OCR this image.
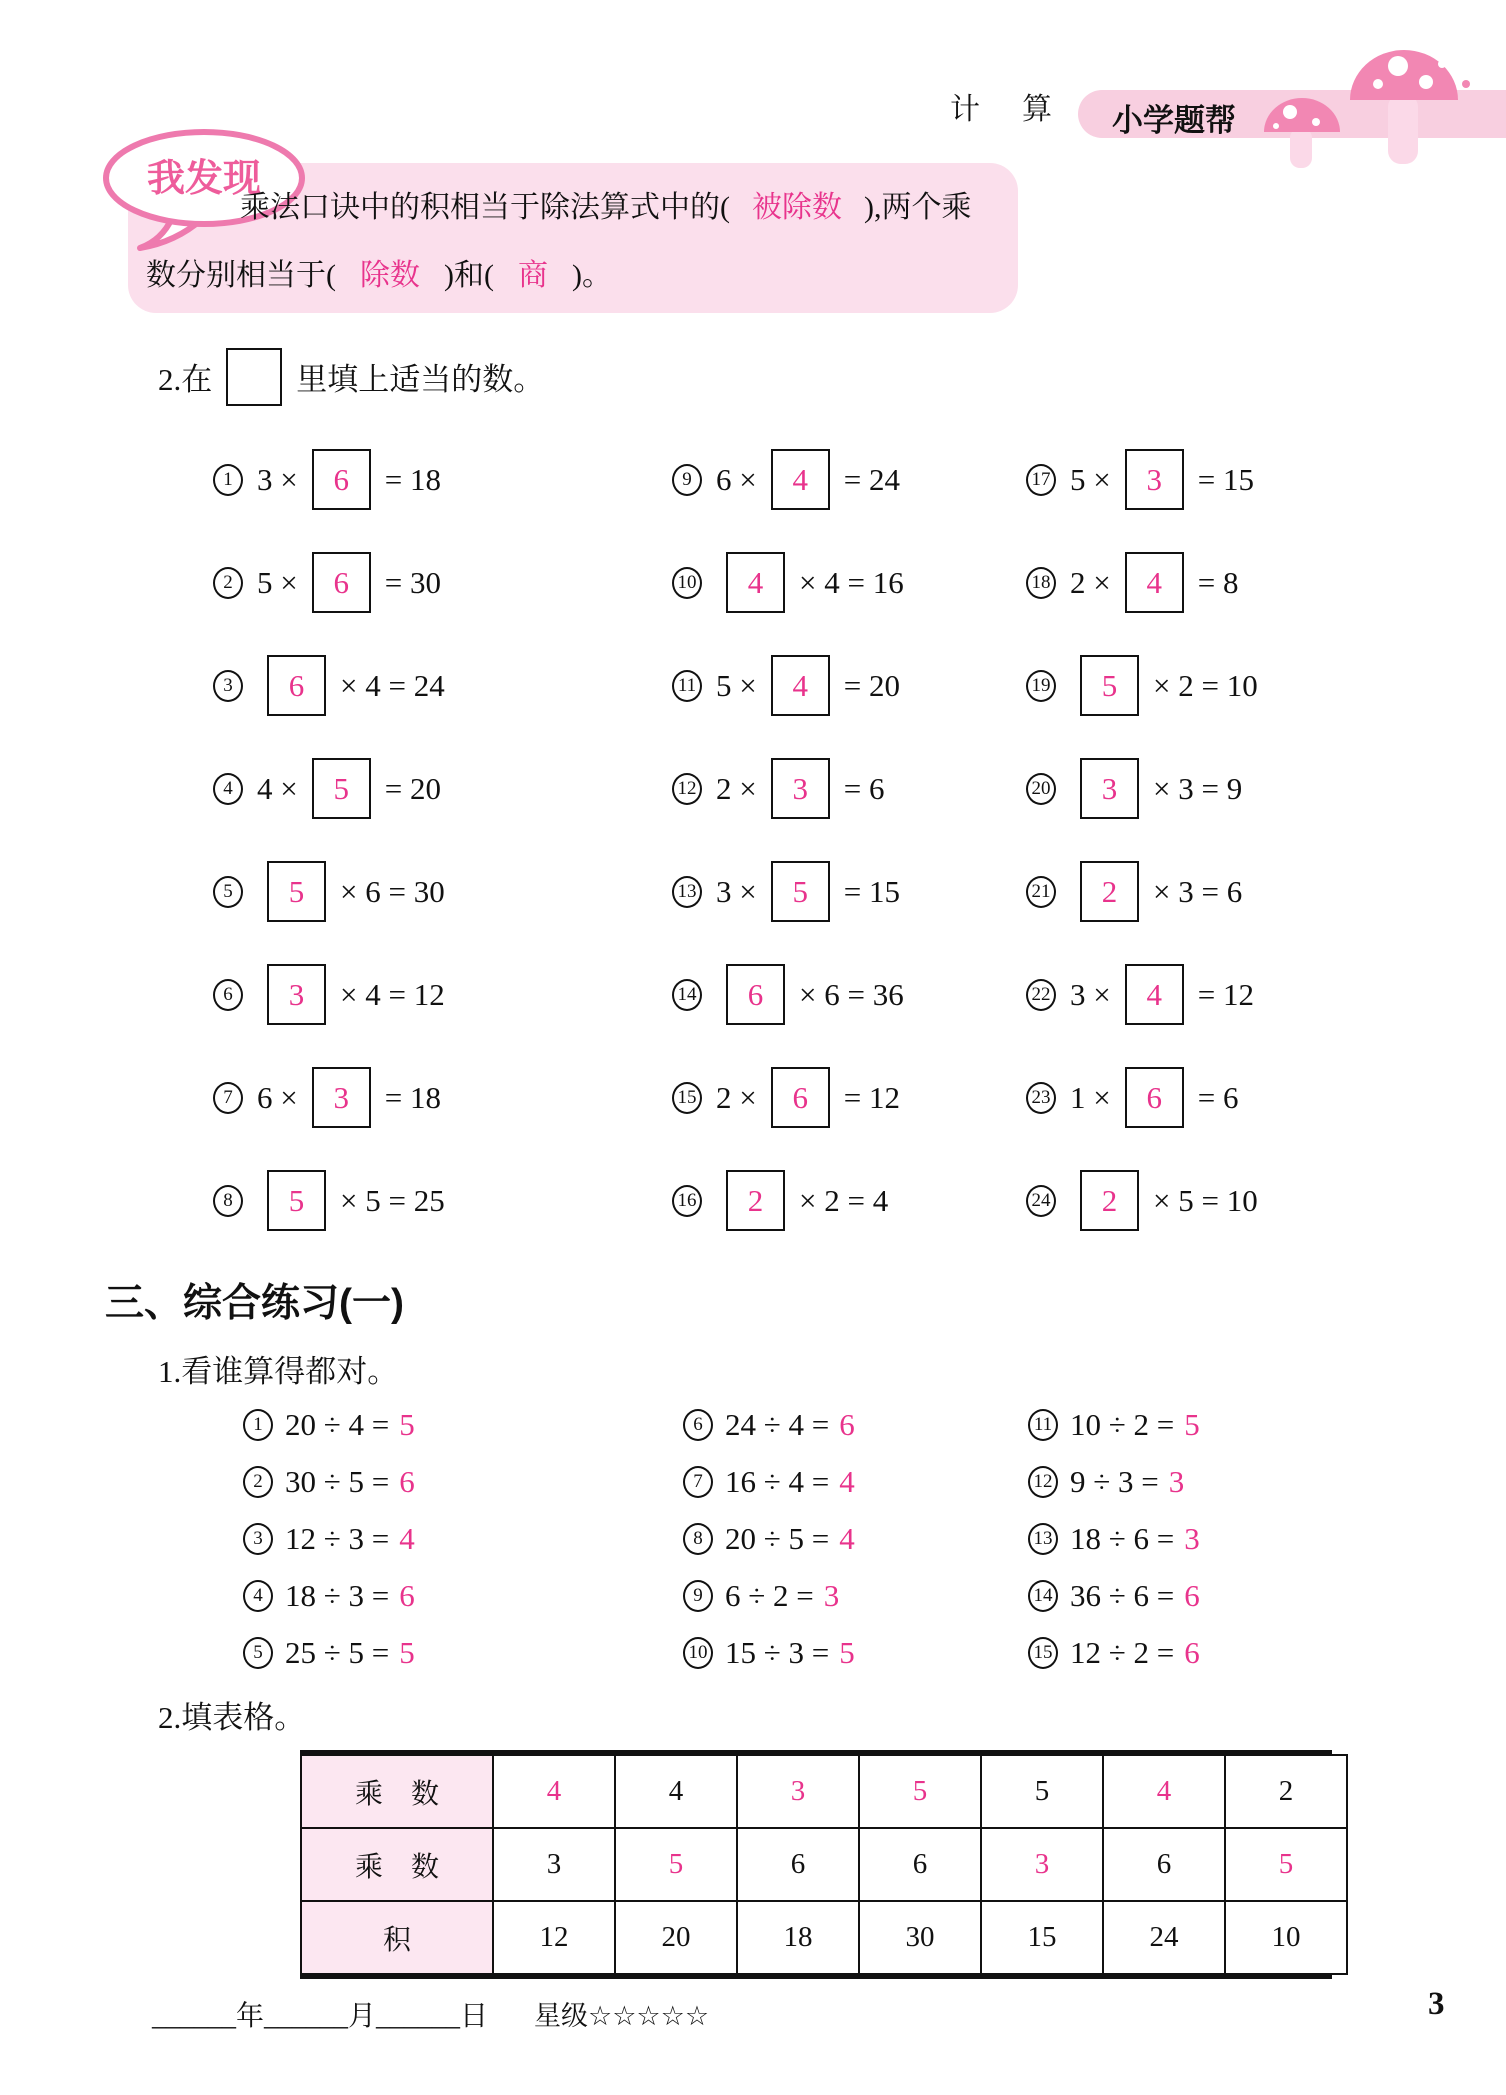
计　算 小学题帮
我发现
乘法口诀中的积相当于除法算式中的( 被除数 ),两个乘
数分别相当于( 除数 )和( 商 )。
2.在	里填上适当的数。
1 3 × 6 = 18
2 5 × 6 = 30
3	6 × 4 = 24
4 4 × 5 = 20
5	5 × 6 = 30
6	3 × 4 = 12
7 6 × 3 = 18
8	5 × 5 = 25
9 6 × 4 = 24
10 4 × 4 = 16
11 5 × 4 = 20
12 2 × 3 = 6
13 3 × 5 = 15
14 6 × 6 = 36
15 2 × 6 = 12
16 2 × 2 = 4
17 5 × 3 = 15
18 2 × 4 = 8
19 5 × 2 = 10
20 3 × 3 = 9
21 2 × 3 = 6
22 3 × 4 = 12
23 1 × 6 = 6
24 2 × 5 = 10
三、综合练习(一)
1.看谁算得都对。
1 20 ÷ 4 = 5
2 30 ÷ 5 = 6
3 12 ÷ 3 = 4
4 18 ÷ 3 = 6
5 25 ÷ 5 = 5
6 24 ÷ 4 = 6
7 16 ÷ 4 = 4
8 20 ÷ 5 = 4
9 6 ÷ 2 = 3
10 15 ÷ 3 = 5
11 10 ÷ 2 = 5
12 9 ÷ 3 = 3
13 18 ÷ 6 = 3
14 36 ÷ 6 = 6
15 12 ÷ 2 = 6
2.填表格。
乘　数	4	4	3	5	5	4	2
乘　数	3	5	6	6	3	6	5
积	12	20	18	30	15	24	10
______年______月______日 星级☆☆☆☆☆	3
